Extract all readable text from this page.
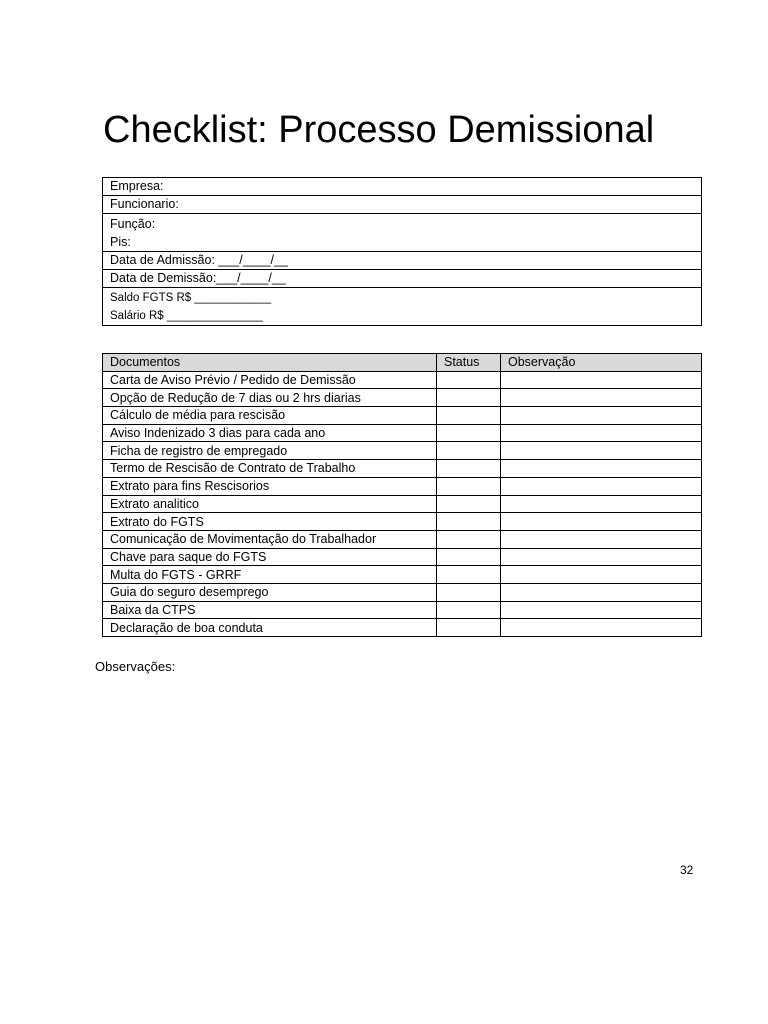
Checklist: Processo Demissional
Empresa:
Funcionario:

Função:
Pis:

Data de Admissão: ___/____/__
Data de Demissão:___/____/__

Saldo FGTS R$ ____________
Salário R$ _______________
Documentos	Status	Observação
Carta de Aviso Prévio / Pedido de Demissão		
Opção de Redução de 7 dias ou 2 hrs diarias		
Cálculo de média para rescisão		
Aviso Indenizado 3 dias para cada ano		
Ficha de registro de empregado		
Termo de Rescisão de Contrato de Trabalho		
Extrato para fins Rescisorios		
Extrato analitico		
Extrato do FGTS		
Comunicação de Movimentação do Trabalhador		
Chave para saque do FGTS		
Multa do FGTS - GRRF		
Guia do seguro desemprego		
Baixa da CTPS		
Declaração de boa conduta		
Observações:
32
